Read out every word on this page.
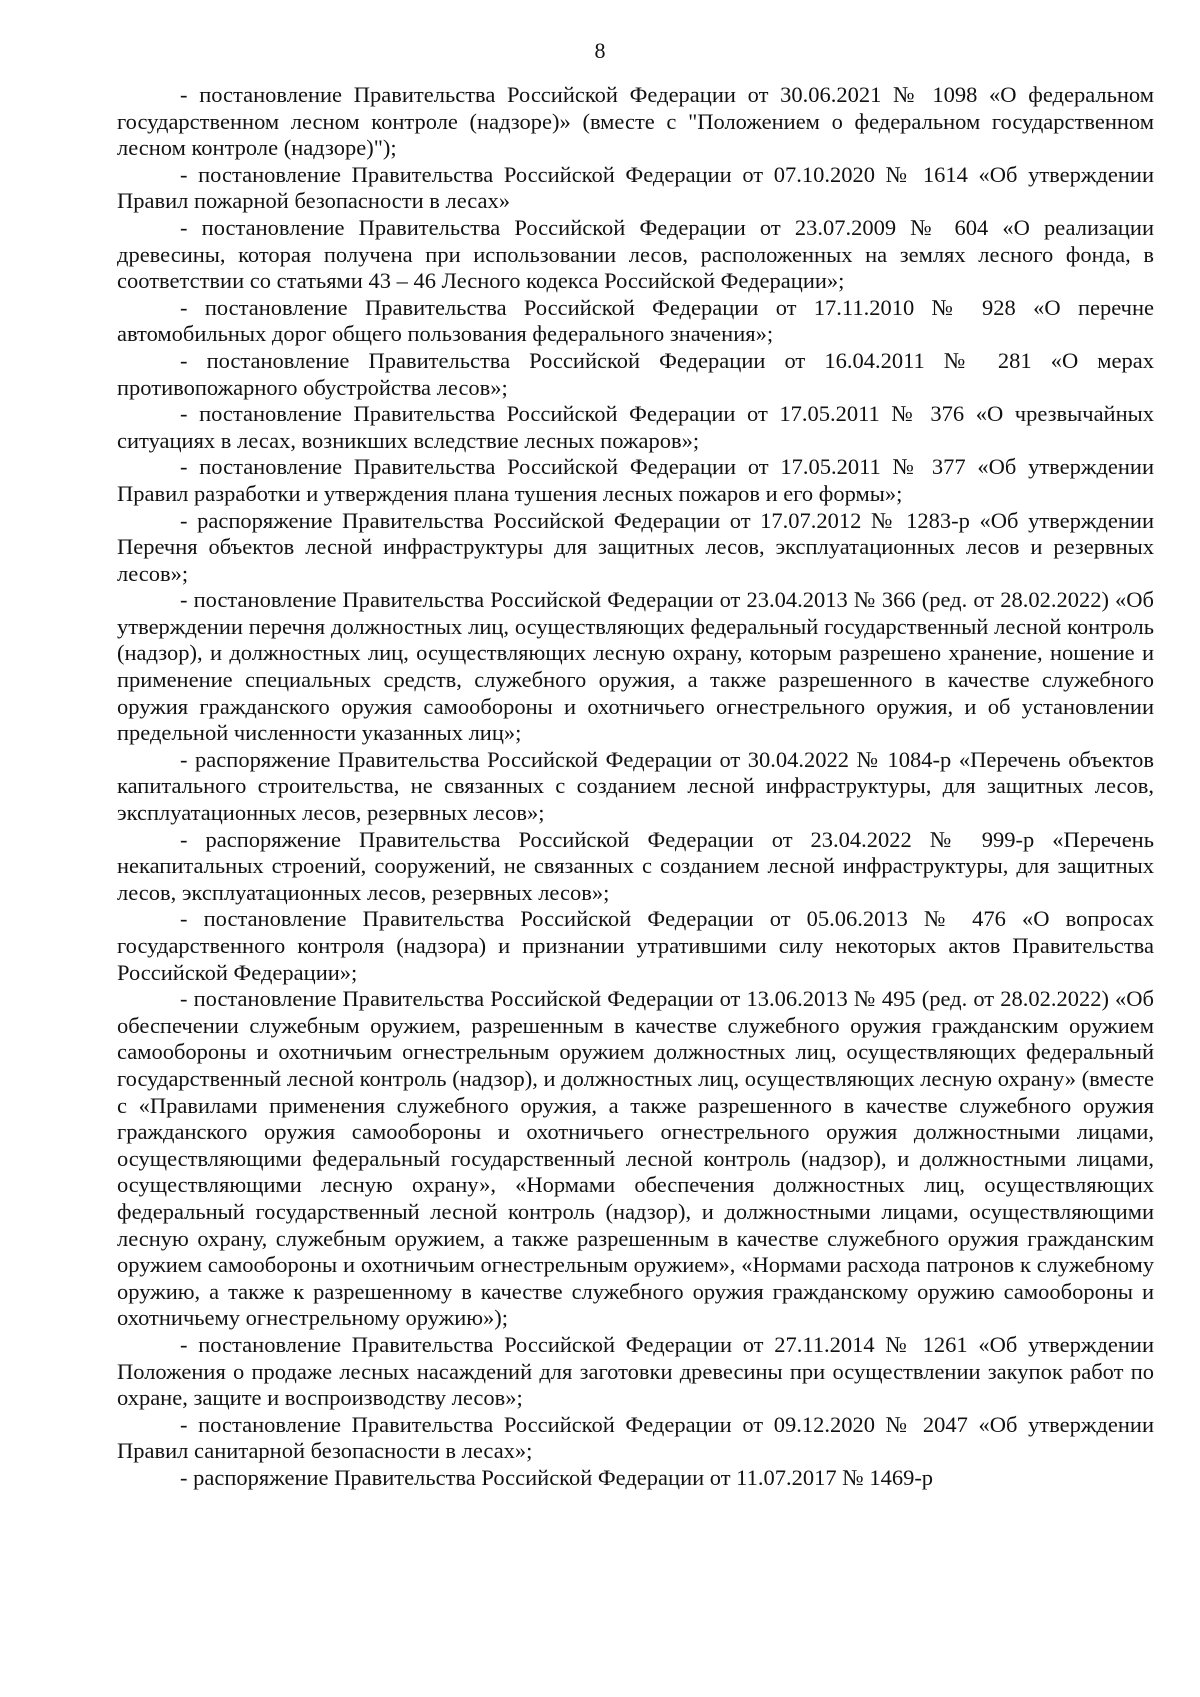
8

- постановление Правительства Российской Федерации от 30.06.2021 № 1098 «О федеральном государственном лесном контроле (надзоре)» (вместе с "Положением о федеральном государственном лесном контроле (надзоре)");

- постановление Правительства Российской Федерации от 07.10.2020 № 1614 «Об утверждении Правил пожарной безопасности в лесах»

- постановление Правительства Российской Федерации от 23.07.2009 № 604 «О реализации древесины, которая получена при использовании лесов, расположенных на землях лесного фонда, в соответствии со статьями 43 – 46 Лесного кодекса Российской Федерации»;

- постановление Правительства Российской Федерации от 17.11.2010 № 928 «О перечне автомобильных дорог общего пользования федерального значения»;

- постановление Правительства Российской Федерации от 16.04.2011 № 281 «О мерах противопожарного обустройства лесов»;

- постановление Правительства Российской Федерации от 17.05.2011 № 376 «О чрезвычайных ситуациях в лесах, возникших вследствие лесных пожаров»;

- постановление Правительства Российской Федерации от 17.05.2011 № 377 «Об утверждении Правил разработки и утверждения плана тушения лесных пожаров и его формы»;

- распоряжение Правительства Российской Федерации от 17.07.2012 № 1283-р «Об утверждении Перечня объектов лесной инфраструктуры для защитных лесов, эксплуатационных лесов и резервных лесов»;

- постановление Правительства Российской Федерации от 23.04.2013 № 366 (ред. от 28.02.2022) «Об утверждении перечня должностных лиц, осуществляющих федеральный государственный лесной контроль (надзор), и должностных лиц, осуществляющих лесную охрану, которым разрешено хранение, ношение и применение специальных средств, служебного оружия, а также разрешенного в качестве служебного оружия гражданского оружия самообороны и охотничьего огнестрельного оружия, и об установлении предельной численности указанных лиц»;

- распоряжение Правительства Российской Федерации от 30.04.2022 № 1084-р «Перечень объектов капитального строительства, не связанных с созданием лесной инфраструктуры, для защитных лесов, эксплуатационных лесов, резервных лесов»;

- распоряжение Правительства Российской Федерации от 23.04.2022 № 999-р «Перечень некапитальных строений, сооружений, не связанных с созданием лесной инфраструктуры, для защитных лесов, эксплуатационных лесов, резервных лесов»;

- постановление Правительства Российской Федерации от 05.06.2013 № 476 «О вопросах государственного контроля (надзора) и признании утратившими силу некоторых актов Правительства Российской Федерации»;

- постановление Правительства Российской Федерации от 13.06.2013 № 495 (ред. от 28.02.2022) «Об обеспечении служебным оружием, разрешенным в качестве служебного оружия гражданским оружием самообороны и охотничьим огнестрельным оружием должностных лиц, осуществляющих федеральный государственный лесной контроль (надзор), и должностных лиц, осуществляющих лесную охрану» (вместе с «Правилами применения служебного оружия, а также разрешенного в качестве служебного оружия гражданского оружия самообороны и охотничьего огнестрельного оружия должностными лицами, осуществляющими федеральный государственный лесной контроль (надзор), и должностными лицами, осуществляющими лесную охрану», «Нормами обеспечения должностных лиц, осуществляющих федеральный государственный лесной контроль (надзор), и должностными лицами, осуществляющими лесную охрану, служебным оружием, а также разрешенным в качестве служебного оружия гражданским оружием самообороны и охотничьим огнестрельным оружием», «Нормами расхода патронов к служебному оружию, а также к разрешенному в качестве служебного оружия гражданскому оружию самообороны и охотничьему огнестрельному оружию»);

- постановление Правительства Российской Федерации от 27.11.2014 № 1261 «Об утверждении Положения о продаже лесных насаждений для заготовки древесины при осуществлении закупок работ по охране, защите и воспроизводству лесов»;

- постановление Правительства Российской Федерации от 09.12.2020 № 2047 «Об утверждении Правил санитарной безопасности в лесах»;

- распоряжение Правительства Российской Федерации от 11.07.2017 № 1469-р
